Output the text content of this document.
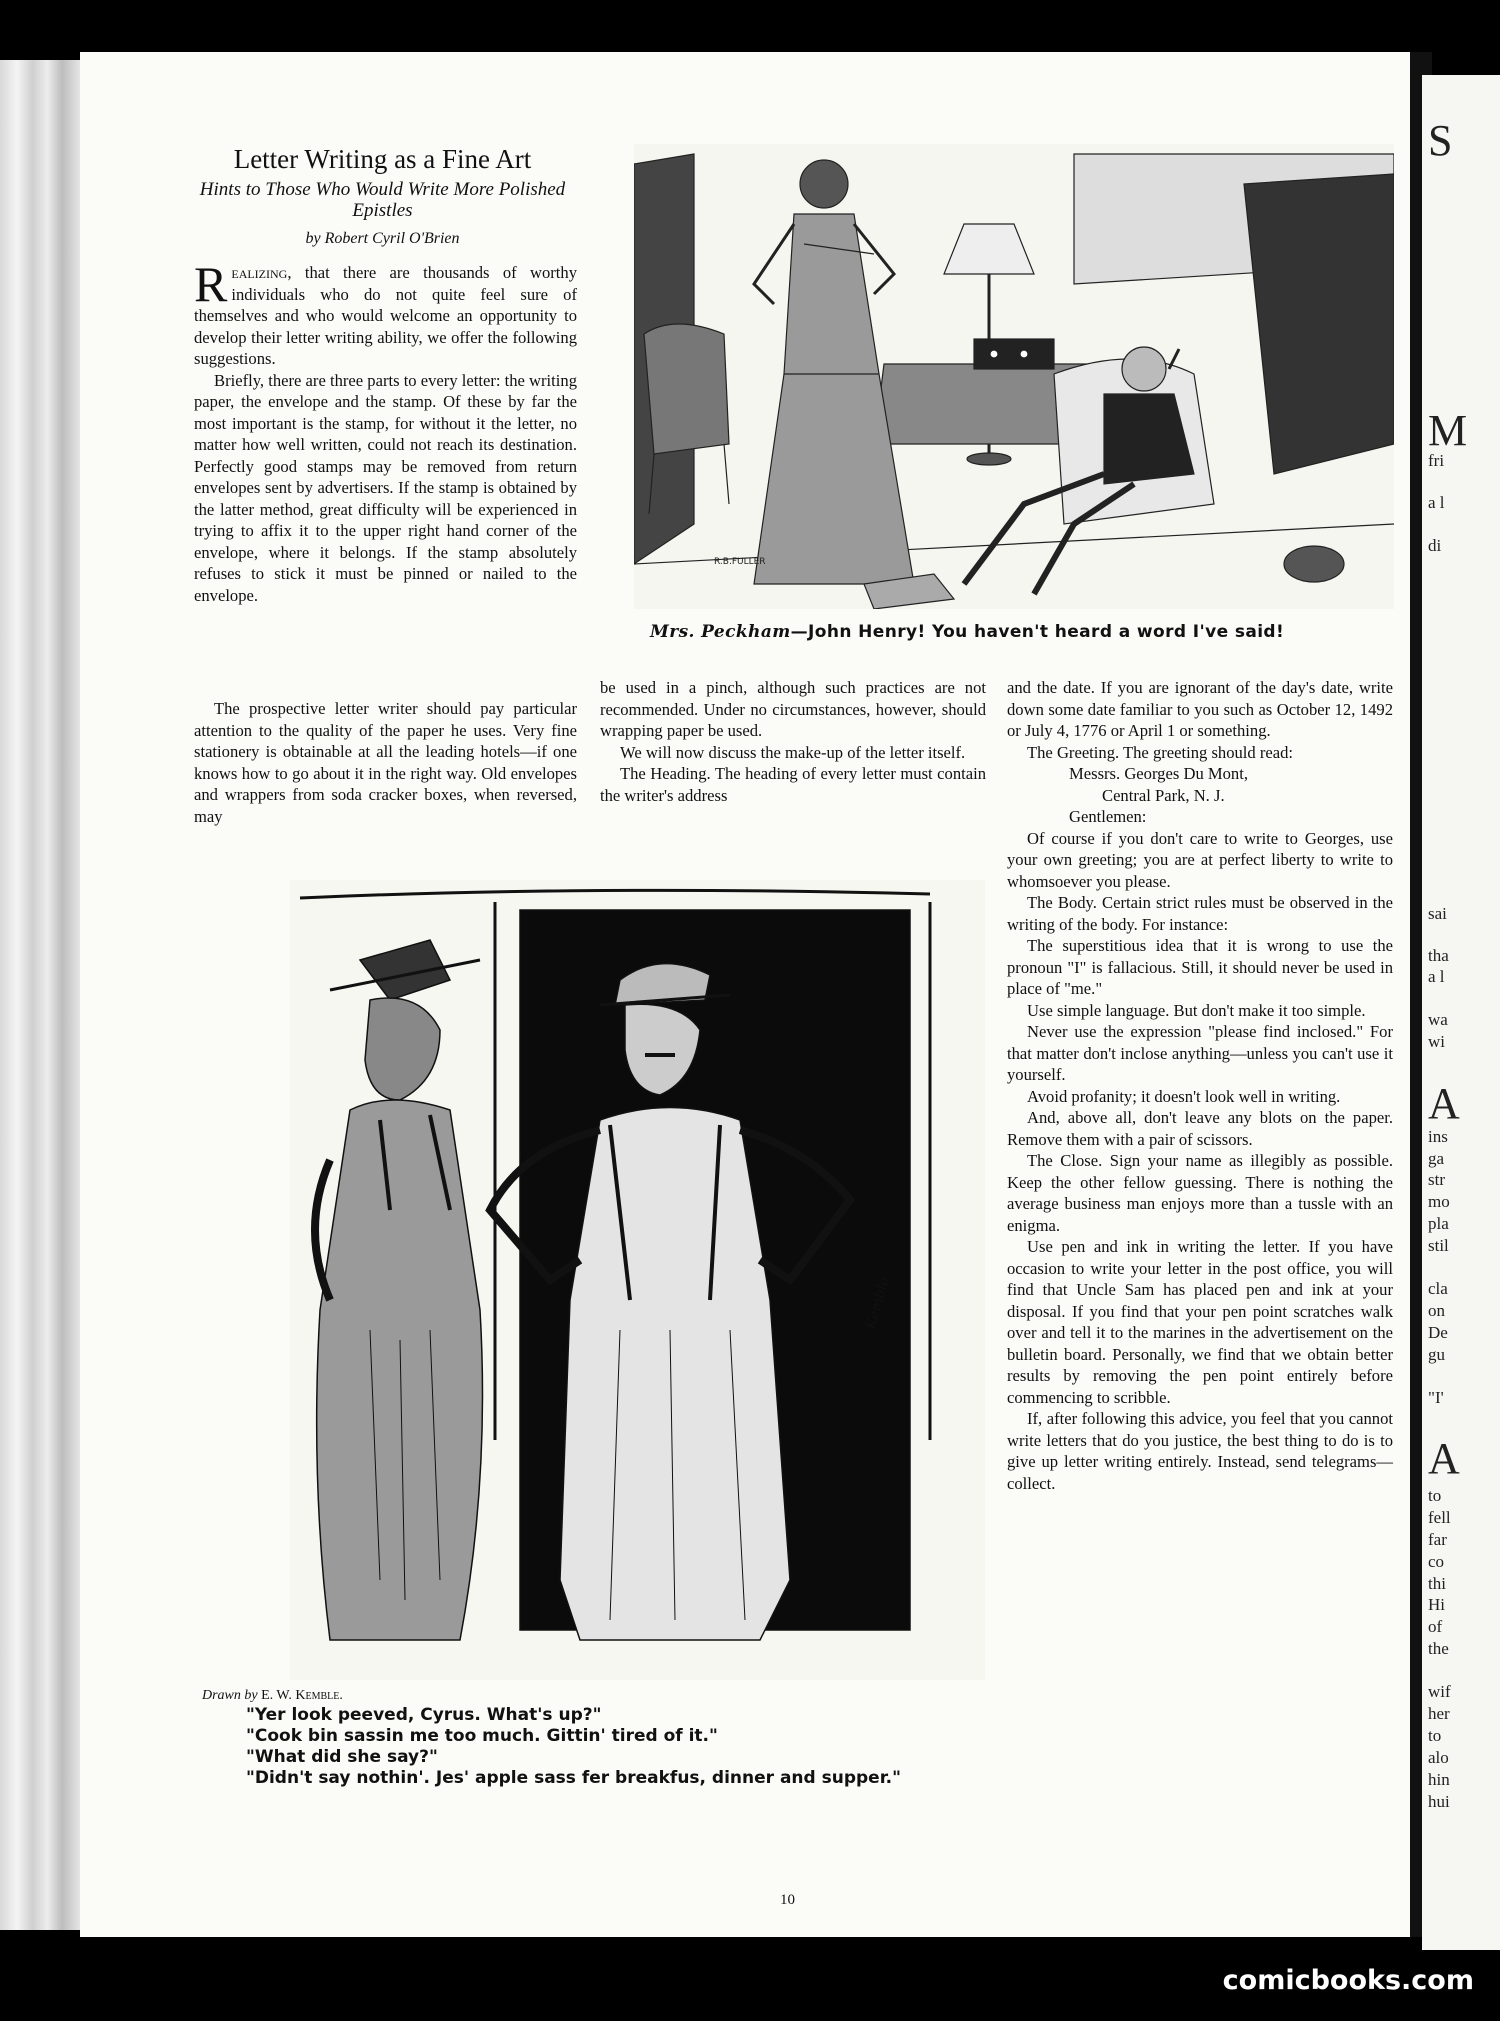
S
M
fri
a l
di
sai
tha
a l
wa
wi
A
ins
ga
str
mo
pla
stil
cla
on
De
gu
"I'
A
to
fell
far
co
thi
Hi
of
the
wif
her
to
alo
hin
hui
Letter Writing as a Fine Art
Hints to Those Who Would Write More Polished Epistles
by Robert Cyril O'Brien

Realizing, that there are thousands of worthy individuals who do not quite feel sure of themselves and who would welcome an opportunity to develop their letter writing ability, we offer the following suggestions.

Briefly, there are three parts to every letter: the writing paper, the envelope and the stamp. Of these by far the most important is the stamp, for without it the letter, no matter how well written, could not reach its destination. Perfectly good stamps may be removed from return envelopes sent by advertisers. If the stamp is obtained by the latter method, great difficulty will be experienced in trying to affix it to the upper right hand corner of the envelope, where it belongs. If the stamp absolutely refuses to stick it must be pinned or nailed to the envelope.

The prospective letter writer should pay particular attention to the quality of the paper he uses. Very fine stationery is obtainable at all the leading hotels—if one knows how to go about it in the right way. Old envelopes and wrappers from soda cracker boxes, when reversed, may

be used in a pinch, although such practices are not recommended. Under no circumstances, however, should wrapping paper be used.

We will now discuss the make-up of the letter itself.

The Heading. The heading of every letter must contain the writer's address

and the date. If you are ignorant of the day's date, write down some date familiar to you such as October 12, 1492 or July 4, 1776 or April 1 or something.

The Greeting. The greeting should read:

Messrs. Georges Du Mont,

Central Park, N. J.

Gentlemen:

Of course if you don't care to write to Georges, use your own greeting; you are at perfect liberty to write to whomsoever you please.

The Body. Certain strict rules must be observed in the writing of the body. For instance:

The superstitious idea that it is wrong to use the pronoun "I" is fallacious. Still, it should never be used in place of "me."

Use simple language. But don't make it too simple.

Never use the expression "please find inclosed." For that matter don't inclose anything—unless you can't use it yourself.

Avoid profanity; it doesn't look well in writing.

And, above all, don't leave any blots on the paper. Remove them with a pair of scissors.

The Close. Sign your name as illegibly as possible. Keep the other fellow guessing. There is nothing the average business man enjoys more than a tussle with an enigma.

Use pen and ink in writing the letter. If you have occasion to write your letter in the post office, you will find that Uncle Sam has placed pen and ink at your disposal. If you find that your pen point scratches walk over and tell it to the marines in the advertisement on the bulletin board. Personally, we find that we obtain better results by removing the pen point entirely before commencing to scribble.

If, after following this advice, you feel that you cannot write letters that do you justice, the best thing to do is to give up letter writing entirely. Instead, send telegrams—collect.

R.B.FULLER
Mrs. Peckham—John Henry! You haven't heard a word I've said!
Kemble
Drawn by E. W. Kemble.
"Yer look peeved, Cyrus. What's up?"
"Cook bin sassin me too much. Gittin' tired of it."
"What did she say?"
"Didn't say nothin'. Jes' apple sass fer breakfus, dinner and supper."
10
comicbooks.com
